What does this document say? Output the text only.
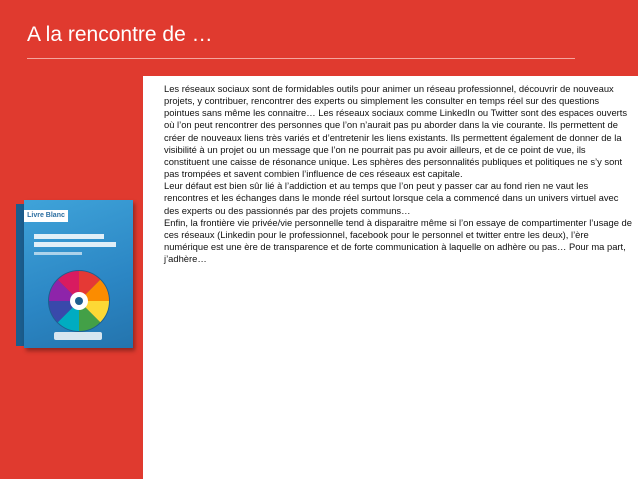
A la rencontre de …
Livre Blanc

Les réseaux sociaux sont de formidables outils pour animer un réseau professionnel, découvrir de nouveaux projets, y contribuer, rencontrer des experts ou simplement les consulter en temps réel sur des questions pointues sans même les connaitre… Les réseaux sociaux comme LinkedIn ou Twitter sont des espaces ouverts où l’on peut rencontrer des personnes que l’on n’aurait pas pu aborder dans la vie courante. Ils permettent de créer de nouveaux liens très variés et d’entretenir les liens existants. Ils permettent également de donner de la visibilité à un projet ou un message que l’on ne pourrait pas pu avoir ailleurs, et de ce point de vue, ils constituent une caisse de résonance unique. Les sphères des personnalités publiques et politiques ne s’y sont pas trompées et savent combien l’influence de ces réseaux est capitale.

Leur défaut est bien sûr lié à l’addiction et au temps que l’on peut y passer car au fond rien ne vaut les rencontres et les échanges dans le monde réel surtout lorsque cela a commencé dans un univers virtuel avec des experts ou des passionnés par des projets communs…

Enfin, la frontière vie privée/vie personnelle tend à disparaitre même si l’on essaye de compartimenter l’usage de ces réseaux (Linkedin pour le professionnel, facebook pour le personnel et twitter entre les deux), l’ère numérique est une ère de transparence et de forte communication à laquelle on adhère ou pas… Pour ma part, j’adhère…
